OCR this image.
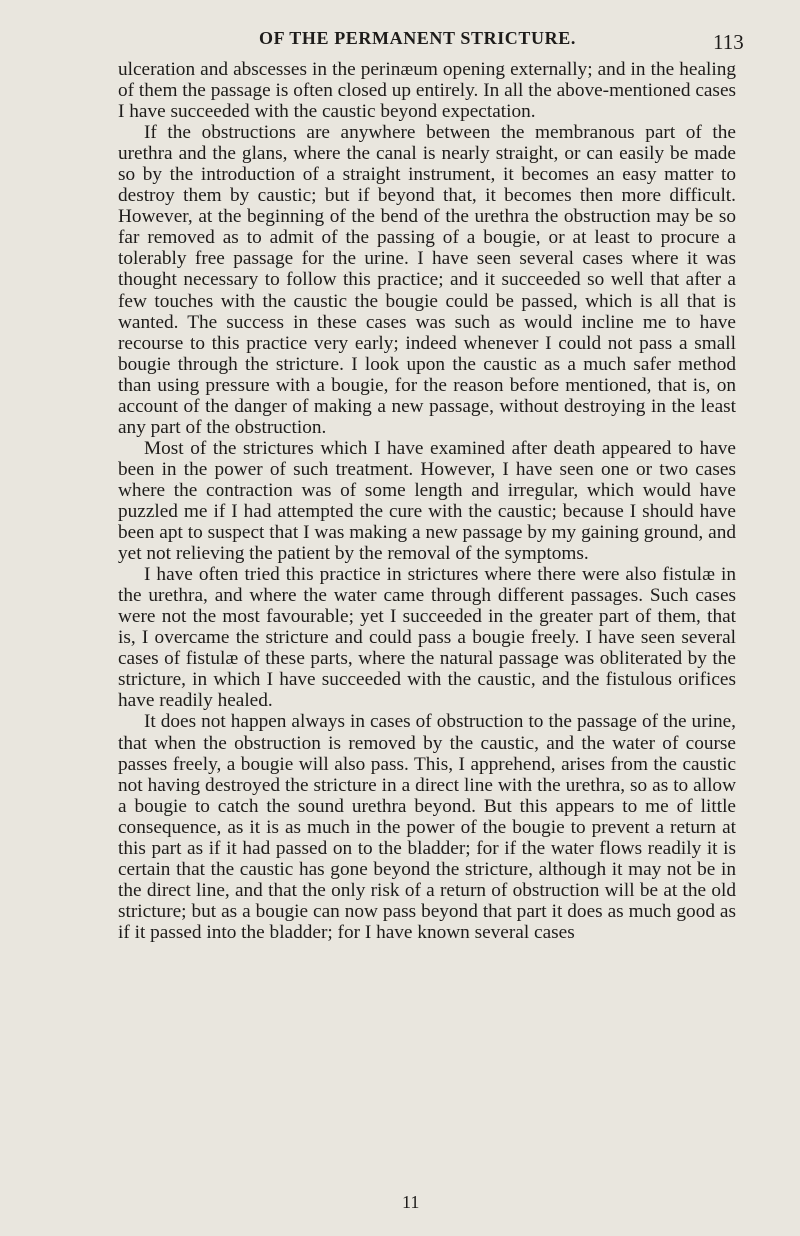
OF THE PERMANENT STRICTURE.	113

ulceration and abscesses in the perinæum opening externally; and in the healing of them the passage is often closed up entirely. In all the above-mentioned cases I have succeeded with the caustic beyond expectation.

If the obstructions are anywhere between the membranous part of the urethra and the glans, where the canal is nearly straight, or can easily be made so by the introduction of a straight instrument, it becomes an easy matter to destroy them by caustic; but if beyond that, it becomes then more difficult. However, at the beginning of the bend of the urethra the obstruction may be so far removed as to admit of the passing of a bougie, or at least to procure a tolerably free passage for the urine. I have seen several cases where it was thought necessary to follow this practice; and it succeeded so well that after a few touches with the caustic the bougie could be passed, which is all that is wanted. The success in these cases was such as would incline me to have recourse to this practice very early; indeed whenever I could not pass a small bougie through the stricture. I look upon the caustic as a much safer method than using pressure with a bougie, for the reason before mentioned, that is, on account of the danger of making a new passage, without destroying in the least any part of the obstruction.

Most of the strictures which I have examined after death appeared to have been in the power of such treatment. However, I have seen one or two cases where the contraction was of some length and irregular, which would have puzzled me if I had attempted the cure with the caustic; because I should have been apt to suspect that I was making a new passage by my gaining ground, and yet not relieving the patient by the removal of the symptoms.

I have often tried this practice in strictures where there were also fistulæ in the urethra, and where the water came through different passages. Such cases were not the most favourable; yet I succeeded in the greater part of them, that is, I overcame the stricture and could pass a bougie freely. I have seen several cases of fistulæ of these parts, where the natural passage was obliterated by the stricture, in which I have succeeded with the caustic, and the fistulous orifices have readily healed.

It does not happen always in cases of obstruction to the passage of the urine, that when the obstruction is removed by the caustic, and the water of course passes freely, a bougie will also pass. This, I apprehend, arises from the caustic not having destroyed the stricture in a direct line with the urethra, so as to allow a bougie to catch the sound urethra beyond. But this appears to me of little consequence, as it is as much in the power of the bougie to prevent a return at this part as if it had passed on to the bladder; for if the water flows readily it is certain that the caustic has gone beyond the stricture, although it may not be in the direct line, and that the only risk of a return of obstruction will be at the old stricture; but as a bougie can now pass beyond that part it does as much good as if it passed into the bladder; for I have known several cases

11
